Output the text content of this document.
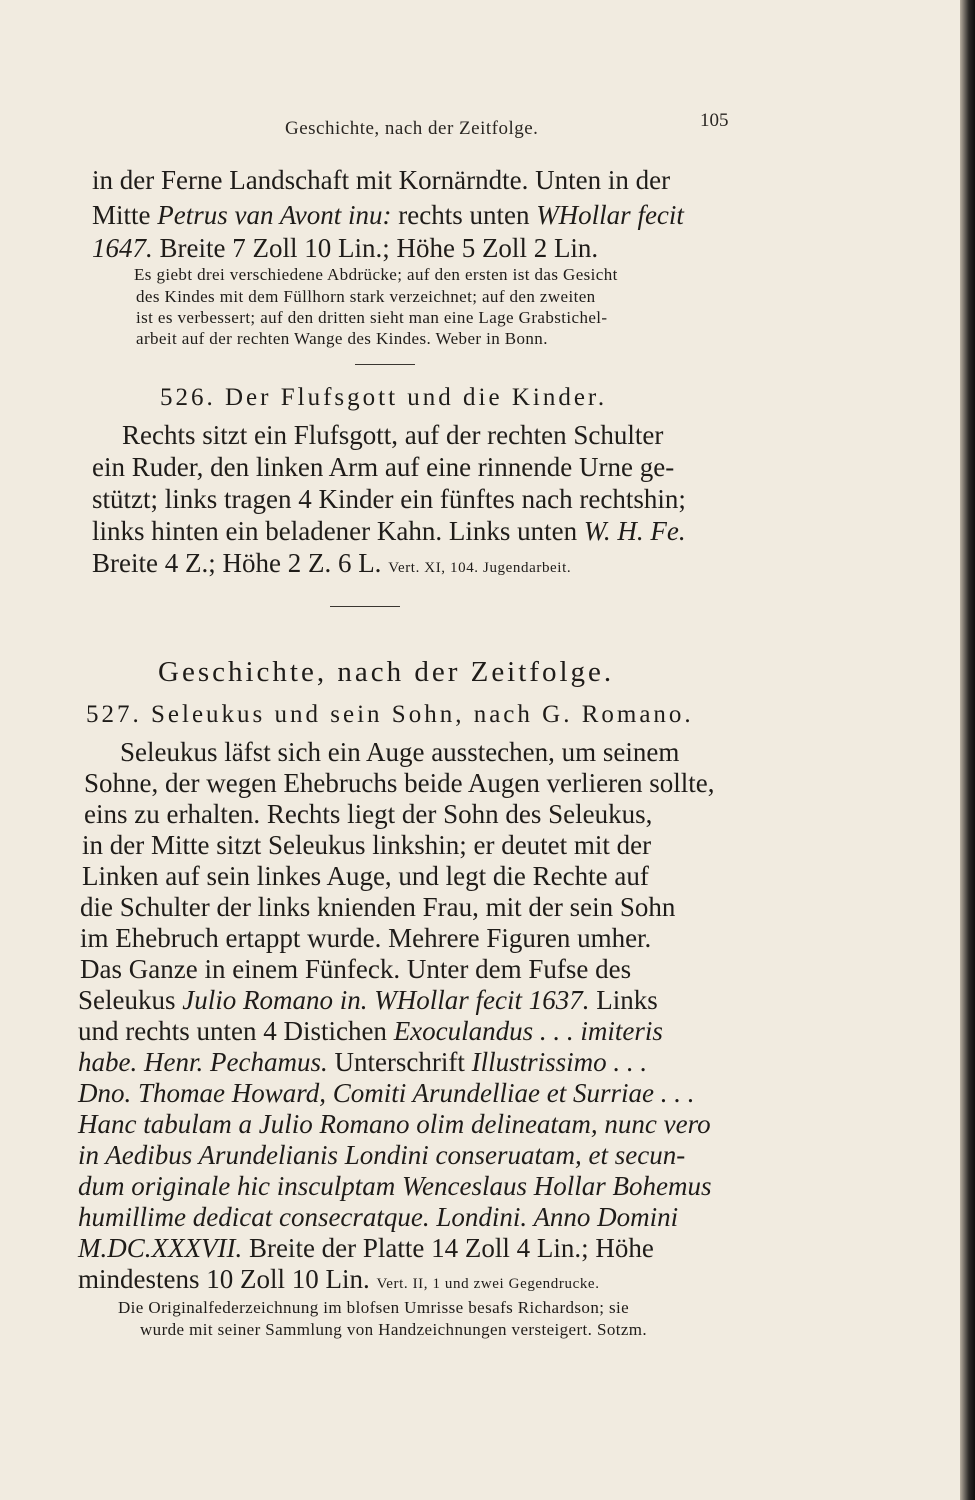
Geschichte, nach der Zeitfolge.	105
in der Ferne Landschaft mit Kornärndte. Unten in der
Mitte Petrus van Avont inu: rechts unten WHollar fecit
1647. Breite 7 Zoll 10 Lin.; Höhe 5 Zoll 2 Lin.
Es giebt drei verschiedene Abdrücke; auf den ersten ist das Gesicht
des Kindes mit dem Füllhorn stark verzeichnet; auf den zweiten
ist es verbessert; auf den dritten sieht man eine Lage Grabstichel-
arbeit auf der rechten Wange des Kindes. Weber in Bonn.
526. Der Flufsgott und die Kinder.
Rechts sitzt ein Flufsgott, auf der rechten Schulter
ein Ruder, den linken Arm auf eine rinnende Urne ge-
stützt; links tragen 4 Kinder ein fünftes nach rechtshin;
links hinten ein beladener Kahn. Links unten W. H. Fe.
Breite 4 Z.; Höhe 2 Z. 6 L. Vert. XI, 104. Jugendarbeit.
Geschichte, nach der Zeitfolge.
527. Seleukus und sein Sohn, nach G. Romano.
Seleukus läfst sich ein Auge ausstechen, um seinem
Sohne, der wegen Ehebruchs beide Augen verlieren sollte,
eins zu erhalten. Rechts liegt der Sohn des Seleukus,
in der Mitte sitzt Seleukus linkshin; er deutet mit der
Linken auf sein linkes Auge, und legt die Rechte auf
die Schulter der links knienden Frau, mit der sein Sohn
im Ehebruch ertappt wurde. Mehrere Figuren umher.
Das Ganze in einem Fünfeck. Unter dem Fufse des
Seleukus Julio Romano in. WHollar fecit 1637. Links
und rechts unten 4 Distichen Exoculandus . . . imiteris
habe. Henr. Pechamus. Unterschrift Illustrissimo . . .
Dno. Thomae Howard, Comiti Arundelliae et Surriae . . .
Hanc tabulam a Julio Romano olim delineatam, nunc vero
in Aedibus Arundelianis Londini conseruatam, et secun-
dum originale hic insculptam Wenceslaus Hollar Bohemus
humillime dedicat consecratque. Londini. Anno Domini
M.DC.XXXVII. Breite der Platte 14 Zoll 4 Lin.; Höhe
mindestens 10 Zoll 10 Lin. Vert. II, 1 und zwei Gegendrucke.
Die Originalfederzeichnung im blofsen Umrisse besafs Richardson; sie
wurde mit seiner Sammlung von Handzeichnungen versteigert. Sotzm.
